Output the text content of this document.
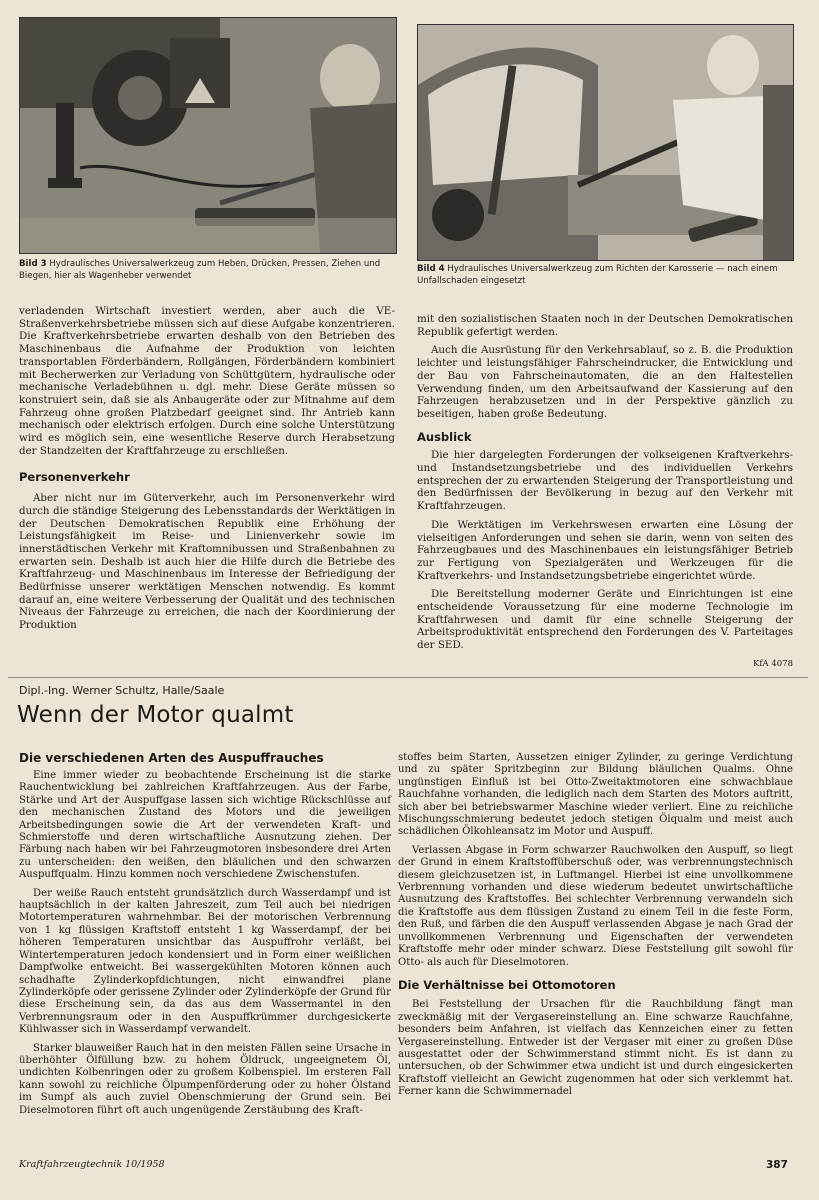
Bild 3 Hydraulisches Universalwerkzeug zum Heben, Drücken, Pressen, Ziehen und Biegen, hier als Wagenheber verwendet
Bild 4 Hydraulisches Universalwerkzeug zum Richten der Karosserie — nach einem Unfallschaden eingesetzt

verladenden Wirtschaft investiert werden, aber auch die VE-Straßenverkehrsbetriebe müssen sich auf diese Aufgabe konzentrieren. Die Kraftverkehrsbetriebe erwarten deshalb von den Betrieben des Maschinenbaus die Aufnahme der Produktion von leichten transportablen Förderbändern, Rollgängen, Förderbändern kombiniert mit Becherwerken zur Verladung von Schüttgütern, hydraulische oder mechanische Verladebühnen u. dgl. mehr. Diese Geräte müssen so konstruiert sein, daß sie als Anbaugeräte oder zur Mitnahme auf dem Fahrzeug ohne großen Platzbedarf geeignet sind. Ihr Antrieb kann mechanisch oder elektrisch erfolgen. Durch eine solche Unterstützung wird es möglich sein, eine wesentliche Reserve durch Herabsetzung der Standzeiten der Kraftfahrzeuge zu erschließen.

Personenverkehr

Aber nicht nur im Güterverkehr, auch im Personenverkehr wird durch die ständige Steigerung des Lebensstandards der Werktätigen in der Deutschen Demokratischen Republik eine Erhöhung der Leistungsfähigkeit im Reise- und Linienverkehr sowie im innerstädtischen Verkehr mit Kraftomnibussen und Straßenbahnen zu erwarten sein. Deshalb ist auch hier die Hilfe durch die Betriebe des Kraftfahrzeug- und Maschinenbaus im Interesse der Befriedigung der Bedürfnisse unserer werktätigen Menschen notwendig. Es kommt darauf an, eine weitere Verbesserung der Qualität und des technischen Niveaus der Fahrzeuge zu erreichen, die nach der Koordinierung der Produktion

mit den sozialistischen Staaten noch in der Deutschen Demokratischen Republik gefertigt werden.

Auch die Ausrüstung für den Verkehrsablauf, so z. B. die Produktion leichter und leistungsfähiger Fahrscheindrucker, die Entwicklung und der Bau von Fahrscheinautomaten, die an den Haltestellen Verwendung finden, um den Arbeitsaufwand der Kassierung auf den Fahrzeugen herabzusetzen und in der Perspektive gänzlich zu beseitigen, haben große Bedeutung.

Ausblick

Die hier dargelegten Forderungen der volkseigenen Kraftverkehrs- und Instandsetzungsbetriebe und des individuellen Verkehrs entsprechen der zu erwartenden Steigerung der Transportleistung und den Bedürfnissen der Bevölkerung in bezug auf den Verkehr mit Kraftfahrzeugen.

Die Werktätigen im Verkehrswesen erwarten eine Lösung der vielseitigen Anforderungen und sehen sie darin, wenn von seiten des Fahrzeugbaues und des Maschinenbaues ein leistungsfähiger Betrieb zur Fertigung von Spezialgeräten und Werkzeugen für die Kraftverkehrs- und Instandsetzungsbetriebe eingerichtet würde.

Die Bereitstellung moderner Geräte und Einrichtungen ist eine entscheidende Voraussetzung für eine moderne Technologie im Kraftfahrwesen und damit für eine schnelle Steigerung der Arbeitsproduktivität entsprechend den Forderungen des V. Parteitages der SED.

KfA 4078
Dipl.-Ing. Werner Schultz, Halle/Saale
Wenn der Motor qualmt
Die verschiedenen Arten des Auspuffrauches

Eine immer wieder zu beobachtende Erscheinung ist die starke Rauchentwicklung bei zahlreichen Kraftfahrzeugen. Aus der Farbe, Stärke und Art der Auspuffgase lassen sich wichtige Rückschlüsse auf den mechanischen Zustand des Motors und die jeweiligen Arbeitsbedingungen sowie die Art der verwendeten Kraft- und Schmierstoffe und deren wirtschaftliche Ausnutzung ziehen. Der Färbung nach haben wir bei Fahrzeugmotoren insbesondere drei Arten zu unterscheiden: den weißen, den bläulichen und den schwarzen Auspuffqualm. Hinzu kommen noch verschiedene Zwischenstufen.

Der weiße Rauch entsteht grundsätzlich durch Wasserdampf und ist hauptsächlich in der kalten Jahreszeit, zum Teil auch bei niedrigen Motortemperaturen wahrnehmbar. Bei der motorischen Verbrennung von 1 kg flüssigen Kraftstoff entsteht 1 kg Wasserdampf, der bei höheren Temperaturen unsichtbar das Auspuffrohr verläßt, bei Wintertemperaturen jedoch kondensiert und in Form einer weißlichen Dampfwolke entweicht. Bei wassergekühlten Motoren können auch schadhafte Zylinderkopfdichtungen, nicht einwandfrei plane Zylinderköpfe oder gerissene Zylinder oder Zylinderköpfe der Grund für diese Erscheinung sein, da das aus dem Wassermantel in den Verbrennungsraum oder in den Auspuffkrümmer durchgesickerte Kühlwasser sich in Wasserdampf verwandelt.

Starker blauweißer Rauch hat in den meisten Fällen seine Ursache in überhöhter Ölfüllung bzw. zu hohem Öldruck, ungeeignetem Öl, undichten Kolbenringen oder zu großem Kolbenspiel. Im ersteren Fall kann sowohl zu reichliche Ölpumpenförderung oder zu hoher Ölstand im Sumpf als auch zuviel Obenschmierung der Grund sein. Bei Dieselmotoren führt oft auch ungenügende Zerstäubung des Kraft-

stoffes beim Starten, Aussetzen einiger Zylinder, zu geringe Verdichtung und zu später Spritzbeginn zur Bildung bläulichen Qualms. Ohne ungünstigen Einfluß ist bei Otto-Zweitaktmotoren eine schwachblaue Rauchfahne vorhanden, die lediglich nach dem Starten des Motors auftritt, sich aber bei betriebswarmer Maschine wieder verliert. Eine zu reichliche Mischungsschmierung bedeutet jedoch stetigen Ölqualm und meist auch schädlichen Ölkohleansatz im Motor und Auspuff.

Verlassen Abgase in Form schwarzer Rauchwolken den Auspuff, so liegt der Grund in einem Kraftstoffüberschuß oder, was verbrennungstechnisch diesem gleichzusetzen ist, in Luftmangel. Hierbei ist eine unvollkommene Verbrennung vorhanden und diese wiederum bedeutet unwirtschaftliche Ausnutzung des Kraftstoffes. Bei schlechter Verbrennung verwandeln sich die Kraftstoffe aus dem flüssigen Zustand zu einem Teil in die feste Form, den Ruß, und färben die den Auspuff verlassenden Abgase je nach Grad der unvollkommenen Verbrennung und Eigenschaften der verwendeten Kraftstoffe mehr oder minder schwarz. Diese Feststellung gilt sowohl für Otto- als auch für Dieselmotoren.

Die Verhältnisse bei Ottomotoren

Bei Feststellung der Ursachen für die Rauchbildung fängt man zweckmäßig mit der Vergasereinstellung an. Eine schwarze Rauchfahne, besonders beim Anfahren, ist vielfach das Kennzeichen einer zu fetten Vergasereinstellung. Entweder ist der Vergaser mit einer zu großen Düse ausgestattet oder der Schwimmerstand stimmt nicht. Es ist dann zu untersuchen, ob der Schwimmer etwa undicht ist und durch eingesickerten Kraftstoff vielleicht an Gewicht zugenommen hat oder sich verklemmt hat. Ferner kann die Schwimmernadel

Kraftfahrzeugtechnik 10/1958	387
